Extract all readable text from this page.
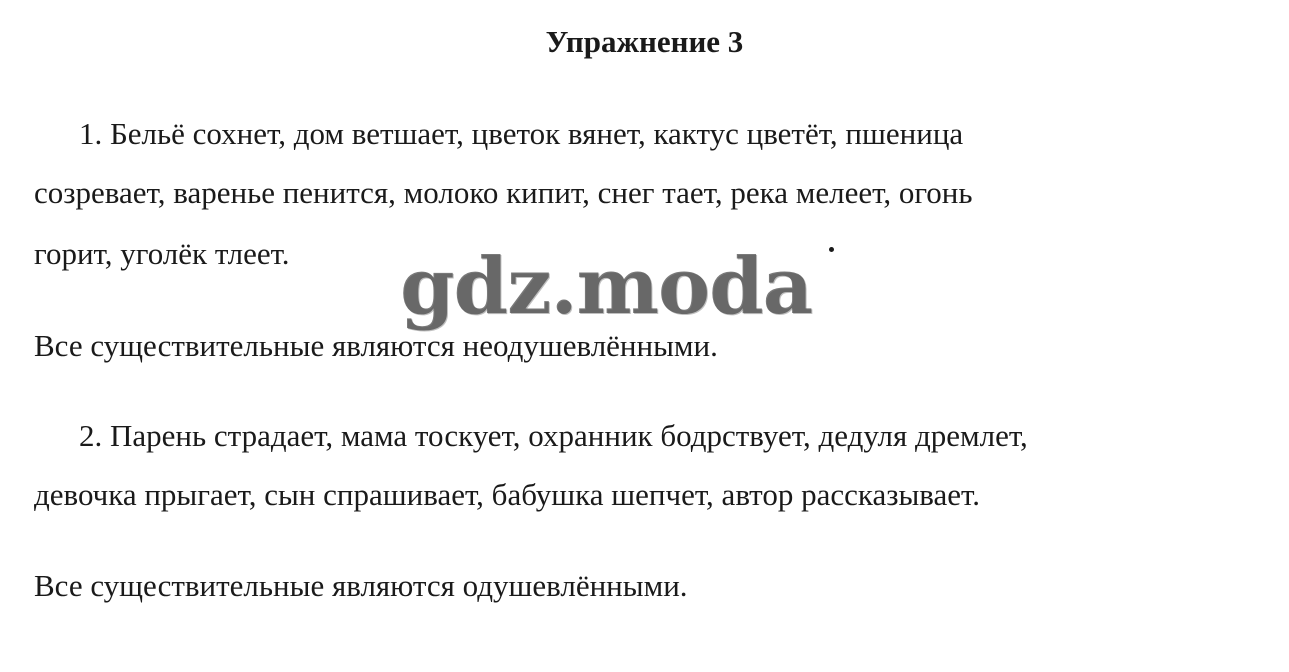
Упражнение 3
1. Бельё сохнет, дом ветшает, цветок вянет, кактус цветёт, пшеница
созревает, варенье пенится, молоко кипит, снег тает, река мелеет, огонь
горит, уголёк тлеет.
Все существительные являются неодушевлёнными.
2. Парень страдает, мама тоскует, охранник бодрствует, дедуля дремлет,
девочка прыгает, сын спрашивает, бабушка шепчет, автор рассказывает.
Все существительные являются одушевлёнными.
gdz.moda
